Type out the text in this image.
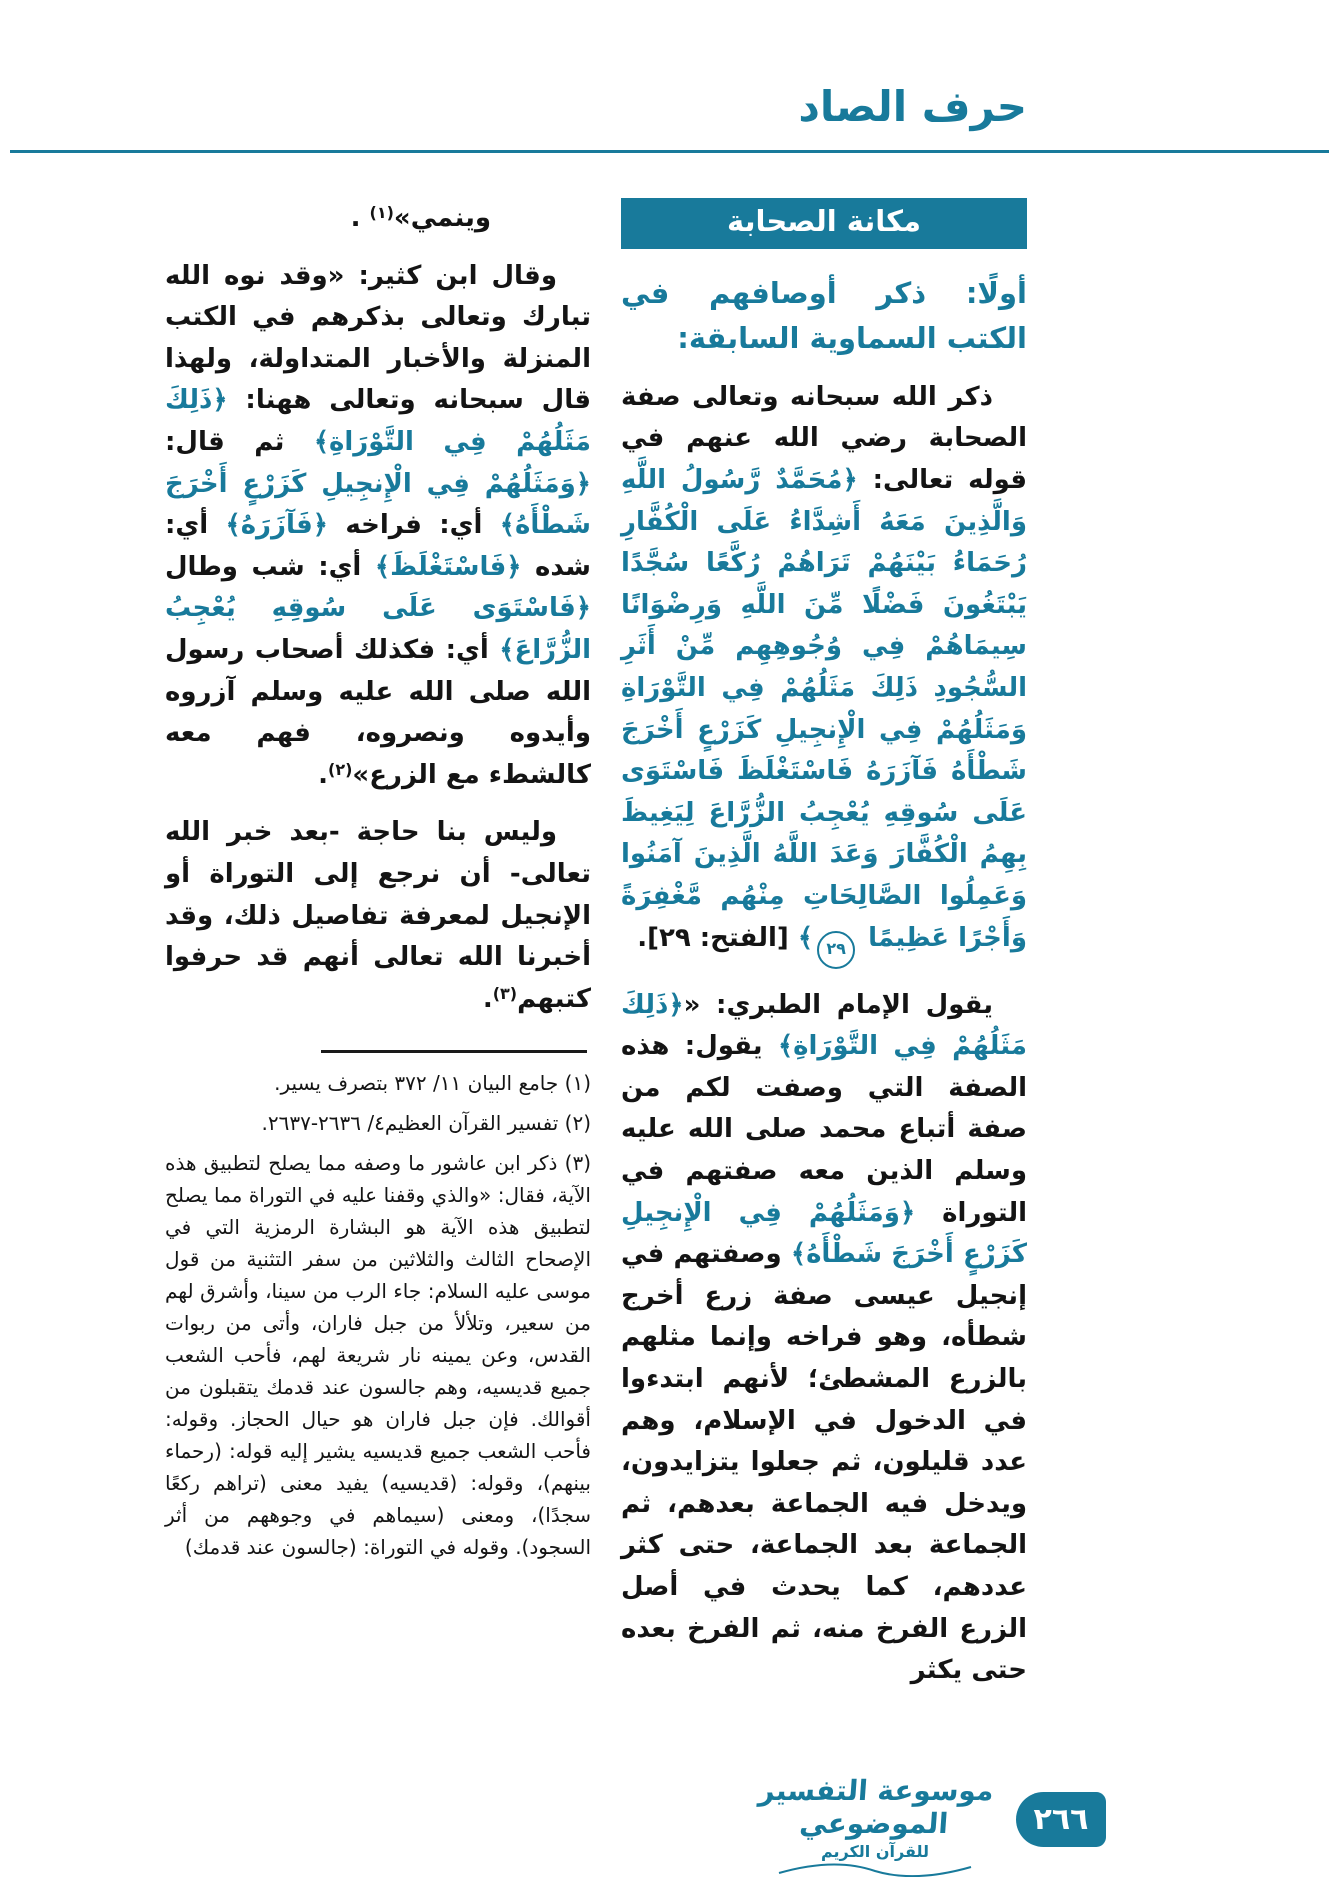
حرف الصاد
مكانة الصحابة
أولًا: ذكر أوصافهم في الكتب السماوية السابقة:

ذكر الله سبحانه وتعالى صفة الصحابة رضي الله عنهم في قوله تعالى: ﴿مُحَمَّدٌ رَّسُولُ اللَّهِ وَالَّذِينَ مَعَهُ أَشِدَّاءُ عَلَى الْكُفَّارِ رُحَمَاءُ بَيْنَهُمْ تَرَاهُمْ رُكَّعًا سُجَّدًا يَبْتَغُونَ فَضْلًا مِّنَ اللَّهِ وَرِضْوَانًا سِيمَاهُمْ فِي وُجُوهِهِم مِّنْ أَثَرِ السُّجُودِ ذَلِكَ مَثَلُهُمْ فِي التَّوْرَاةِ وَمَثَلُهُمْ فِي الْإِنجِيلِ كَزَرْعٍ أَخْرَجَ شَطْأَهُ فَآزَرَهُ فَاسْتَغْلَظَ فَاسْتَوَى عَلَى سُوقِهِ يُعْجِبُ الزُّرَّاعَ لِيَغِيظَ بِهِمُ الْكُفَّارَ وَعَدَ اللَّهُ الَّذِينَ آمَنُوا وَعَمِلُوا الصَّالِحَاتِ مِنْهُم مَّغْفِرَةً وَأَجْرًا عَظِيمًا ٢٩﴾ [الفتح: ٢٩].

يقول الإمام الطبري: «﴿ذَلِكَ مَثَلُهُمْ فِي التَّوْرَاةِ﴾ يقول: هذه الصفة التي وصفت لكم من صفة أتباع محمد صلى الله عليه وسلم الذين معه صفتهم في التوراة ﴿وَمَثَلُهُمْ فِي الْإِنجِيلِ كَزَرْعٍ أَخْرَجَ شَطْأَهُ﴾ وصفتهم في إنجيل عيسى صفة زرع أخرج شطأه، وهو فراخه وإنما مثلهم بالزرع المشطئ؛ لأنهم ابتدءوا في الدخول في الإسلام، وهم عدد قليلون، ثم جعلوا يتزايدون، ويدخل فيه الجماعة بعدهم، ثم الجماعة بعد الجماعة، حتى كثر عددهم، كما يحدث في أصل الزرع الفرخ منه، ثم الفرخ بعده حتى يكثر

وينمي»$^{(١)}$ .

وقال ابن كثير: «وقد نوه الله تبارك وتعالى بذكرهم في الكتب المنزلة والأخبار المتداولة، ولهذا قال سبحانه وتعالى ههنا: ﴿ذَلِكَ مَثَلُهُمْ فِي التَّوْرَاةِ﴾ ثم قال: ﴿وَمَثَلُهُمْ فِي الْإِنجِيلِ كَزَرْعٍ أَخْرَجَ شَطْأَهُ﴾ أي: فراخه ﴿فَآزَرَهُ﴾ أي: شده ﴿فَاسْتَغْلَظَ﴾ أي: شب وطال ﴿فَاسْتَوَى عَلَى سُوقِهِ يُعْجِبُ الزُّرَّاعَ﴾ أي: فكذلك أصحاب رسول الله صلى الله عليه وسلم آزروه وأيدوه ونصروه، فهم معه كالشطء مع الزرع»$^{(٢)}$.

وليس بنا حاجة -بعد خبر الله تعالى- أن نرجع إلى التوراة أو الإنجيل لمعرفة تفاصيل ذلك، وقد أخبرنا الله تعالى أنهم قد حرفوا كتبهم$^{(٣)}$.

(١) جامع البيان ١١/ ٣٧٢ بتصرف يسير.

(٢) تفسير القرآن العظيم٤/ ٢٦٣٦-٢٦٣٧.

(٣) ذكر ابن عاشور ما وصفه مما يصلح لتطبيق هذه الآية، فقال: «والذي وقفنا عليه في التوراة مما يصلح لتطبيق هذه الآية هو البشارة الرمزية التي في الإصحاح الثالث والثلاثين من سفر التثنية من قول موسى عليه السلام: جاء الرب من سينا، وأشرق لهم من سعير، وتلألأ من جبل فاران، وأتى من ربوات القدس، وعن يمينه نار شريعة لهم، فأحب الشعب جميع قديسيه، وهم جالسون عند قدمك يتقبلون من أقوالك. فإن جبل فاران هو حيال الحجاز. وقوله: فأحب الشعب جميع قديسيه يشير إليه قوله: (رحماء بينهم)، وقوله: (قديسيه) يفيد معنى (تراهم ركعًا سجدًا)، ومعنى (سيماهم في وجوههم من أثر السجود). وقوله في التوراة: (جالسون عند قدمك)

موسوعة التفسير الموضوعي
للقرآن الكريم
٢٦٦
